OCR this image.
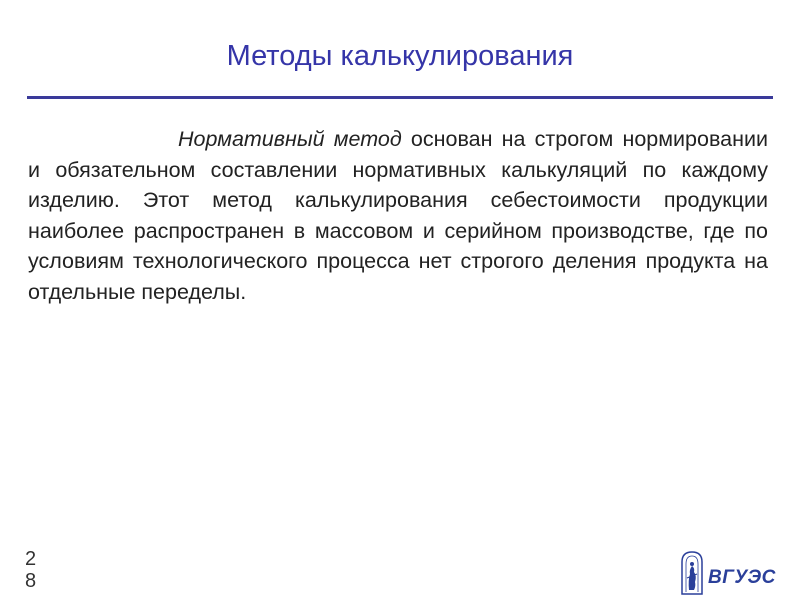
Методы калькулирования
Нормативный метод основан на строгом нормировании и обязательном составлении нормативных калькуляций по каждому изделию. Этот метод калькулирования себестоимости продукции наиболее распространен в массовом и серийном производстве, где по условиям технологического процесса нет строгого деления продукта на отдельные переделы.
2
8	ВГУЭС
